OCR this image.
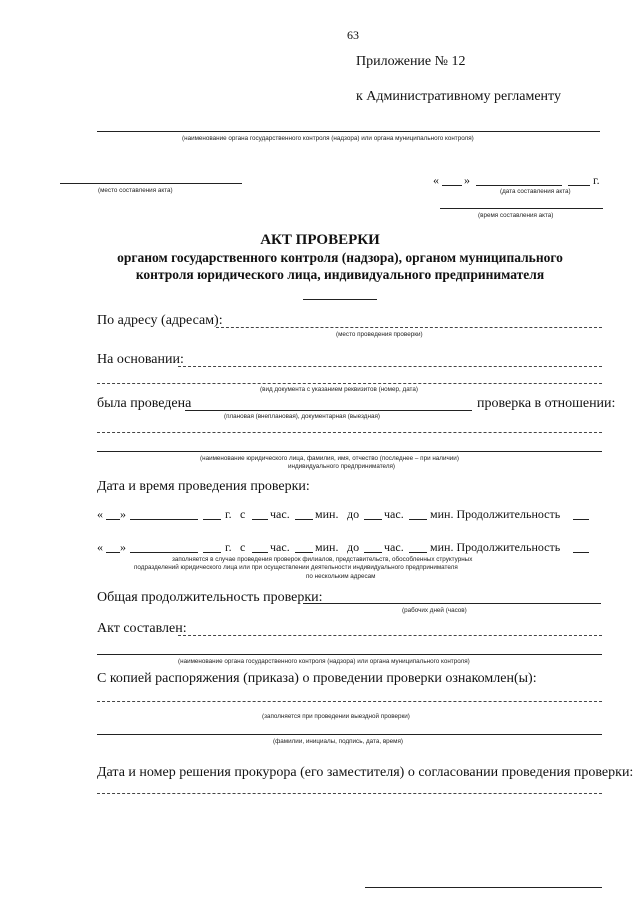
63
Приложение № 12
к Административному регламенту
(наименование органа государственного контроля (надзора) или органа муниципального контроля)
(место составления акта)
« »	г.
(дата составления акта)
(время составления акта)
АКТ ПРОВЕРКИ
органом государственного контроля (надзора), органом муниципального
контроля юридического лица, индивидуального предпринимателя
По адресу (адресам):
(место проведения проверки)
На основании:
(вид документа с указанием реквизитов (номер, дата)
была проведена	проверка в отношении:
(плановая (внеплановая), документарная (выездная)
(наименование юридического лица, фамилия, имя, отчество (последнее – при наличии)
индивидуального предпринимателя)
Дата и время проведения проверки:
« »	г. с час. мин. до час. мин. Продолжительность
« »	г. с час. мин. до час. мин. Продолжительность
заполняется в случае проведения проверок филиалов, представительств, обособленных структурных
подразделений юридического лица или при осуществлении деятельности индивидуального предпринимателя
по нескольким адресам
Общая продолжительность проверки:
(рабочих дней (часов)
Акт составлен:
(наименование органа государственного контроля (надзора) или органа муниципального контроля)
С копией распоряжения (приказа) о проведении проверки ознакомлен(ы):
(заполняется при проведении выездной проверки)
(фамилии, инициалы, подпись, дата, время)
Дата и номер решения прокурора (его заместителя) о согласовании проведения проверки:
